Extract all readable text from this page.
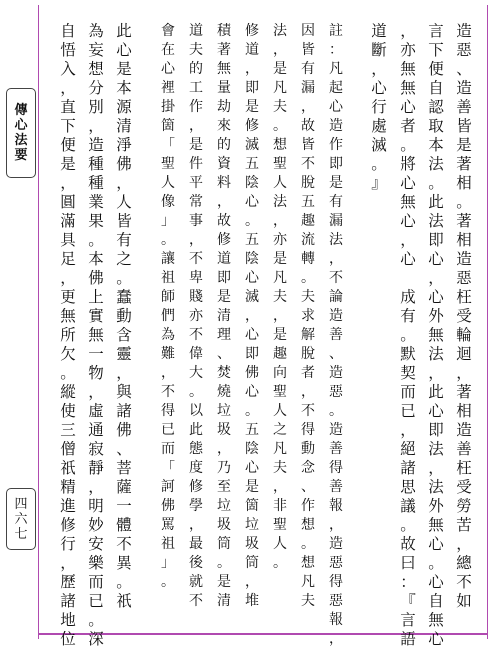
傳
心
法
要
四
六
七
造
惡
、
造
善
皆
是
著
相
。
著
相
造
惡
枉
受
輪
迴
，
著
相
造
善
枉
受
勞
苦
，
總
不
如
言
下
便
自
認
取
本
法
。
此
法
即
心
，
心
外
無
法
，
此
心
即
法
，
法
外
無
心
。
心
自
無
心
，
亦
無
無
心
者
。
將
心
無
心
，
心

成
有
。
默
契
而
已
，
絕
諸
思
議
。
故
曰
：
『
言
語
道
斷
，
心
行
處
滅
。
』
註
：
凡
起
心
造
作
即
是
有
漏
法
，
不
論
造
善
、
造
惡
。
造
善
得
善
報
，
造
惡
得
惡
報
，
因
皆
有
漏
，
故
皆
不
脫
五
趣
流
轉
。
夫
求
解
脫
者
，
不
得
動
念
、
作
想
。
想
凡
夫
法
，
是
凡
夫
。
想
聖
人
法
，
亦
是
凡
夫
，
是
趣
向
聖
人
之
凡
夫
，
非
聖
人
。
修
道
，
即
是
修
滅
五
陰
心
。
五
陰
心
滅
，
心
即
佛
心
。
五
陰
心
是
箇
垃
圾
筒
，
堆
積
著
無
量
劫
來
的
資
料
，
故
修
道
即
是
清
理
、
焚
燒
垃
圾
，
乃
至
垃
圾
筒
。
是
清
道
夫
的
工
作
，
是
件
平
常
事
，
不
卑
賤
亦
不
偉
大
。
以
此
態
度
修
學
，
最
後
就
不
會
在
心
裡
掛
箇
「
聖
人
像
」
。
讓
祖
師
們
為
難
，
不
得
已
而
「
訶
佛
罵
祖
」
。
此
心
是
本
源
清
淨
佛
，
人
皆
有
之
。
蠢
動
含
靈
，
與
諸
佛
、
菩
薩
一
體
不
異
。
祇
為
妄
想
分
別
，
造
種
種
業
果
。
本
佛
上
實
無
一
物
，
虛
通
寂
靜
，
明
妙
安
樂
而
已
。
深
自
悟
入
，
直
下
便
是
，
圓
滿
具
足
，
更
無
所
欠
。
縱
使
三
僧
祇
精
進
修
行
，
歷
諸
地
位
